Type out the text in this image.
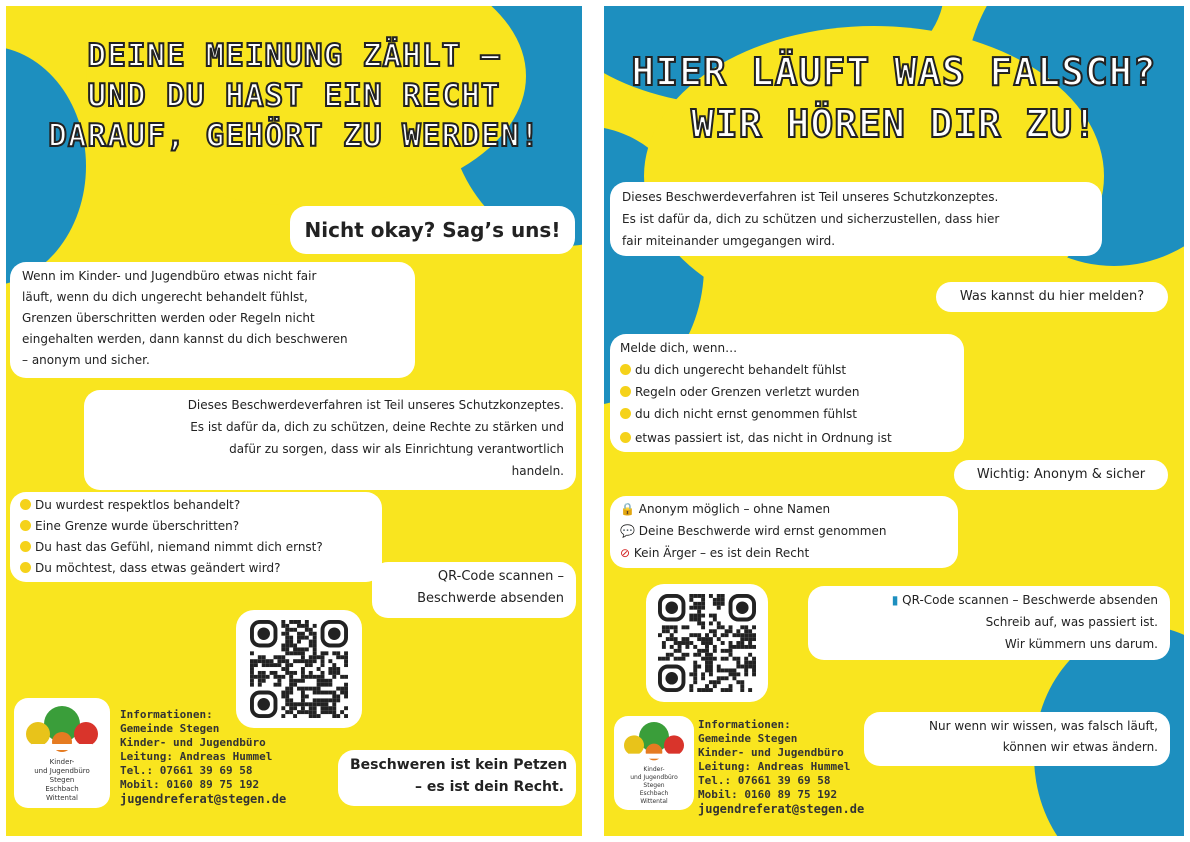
DEINE MEINUNG ZÄHLT –
UND DU HAST EIN RECHT
DARAUF, GEHÖRT ZU WERDEN!
Nicht okay? Sag’s uns!
Wenn im Kinder- und Jugendbüro etwas nicht fair
läuft, wenn du dich ungerecht behandelt fühlst,
Grenzen überschritten werden oder Regeln nicht
eingehalten werden, dann kannst du dich beschweren
– anonym und sicher.
Dieses Beschwerdeverfahren ist Teil unseres Schutzkonzeptes.
Es ist dafür da, dich zu schützen, deine Rechte zu stärken und
dafür zu sorgen, dass wir als Einrichtung verantwortlich
handeln.
Du wurdest respektlos behandelt?
Eine Grenze wurde überschritten?
Du hast das Gefühl, niemand nimmt dich ernst?
Du möchtest, dass etwas geändert wird?
QR-Code scannen –
Beschwerde absenden
Kinder-
und Jugendbüro
Stegen
Eschbach
Wittental
Informationen:
Gemeinde Stegen
Kinder- und Jugendbüro
Leitung: Andreas Hummel
Tel.: 07661 39 69 58
Mobil: 0160 89 75 192
jugendreferat@stegen.de
Beschweren ist kein Petzen
– es ist dein Recht.
HIER LÄUFT WAS FALSCH?
WIR HÖREN DIR ZU!
Dieses Beschwerdeverfahren ist Teil unseres Schutzkonzeptes.
Es ist dafür da, dich zu schützen und sicherzustellen, dass hier
fair miteinander umgegangen wird.
Was kannst du hier melden?
Melde dich, wenn…
du dich ungerecht behandelt fühlst
Regeln oder Grenzen verletzt wurden
du dich nicht ernst genommen fühlst
etwas passiert ist, das nicht in Ordnung ist
Wichtig: Anonym & sicher
🔒 Anonym möglich – ohne Namen
💬 Deine Beschwerde wird ernst genommen
⊘ Kein Ärger – es ist dein Recht
▮ QR-Code scannen – Beschwerde absenden
Schreib auf, was passiert ist.
Wir kümmern uns darum.
Kinder-
und Jugendbüro
Stegen
Eschbach
Wittental
Informationen:
Gemeinde Stegen
Kinder- und Jugendbüro
Leitung: Andreas Hummel
Tel.: 07661 39 69 58
Mobil: 0160 89 75 192
jugendreferat@stegen.de
Nur wenn wir wissen, was falsch läuft,
können wir etwas ändern.
